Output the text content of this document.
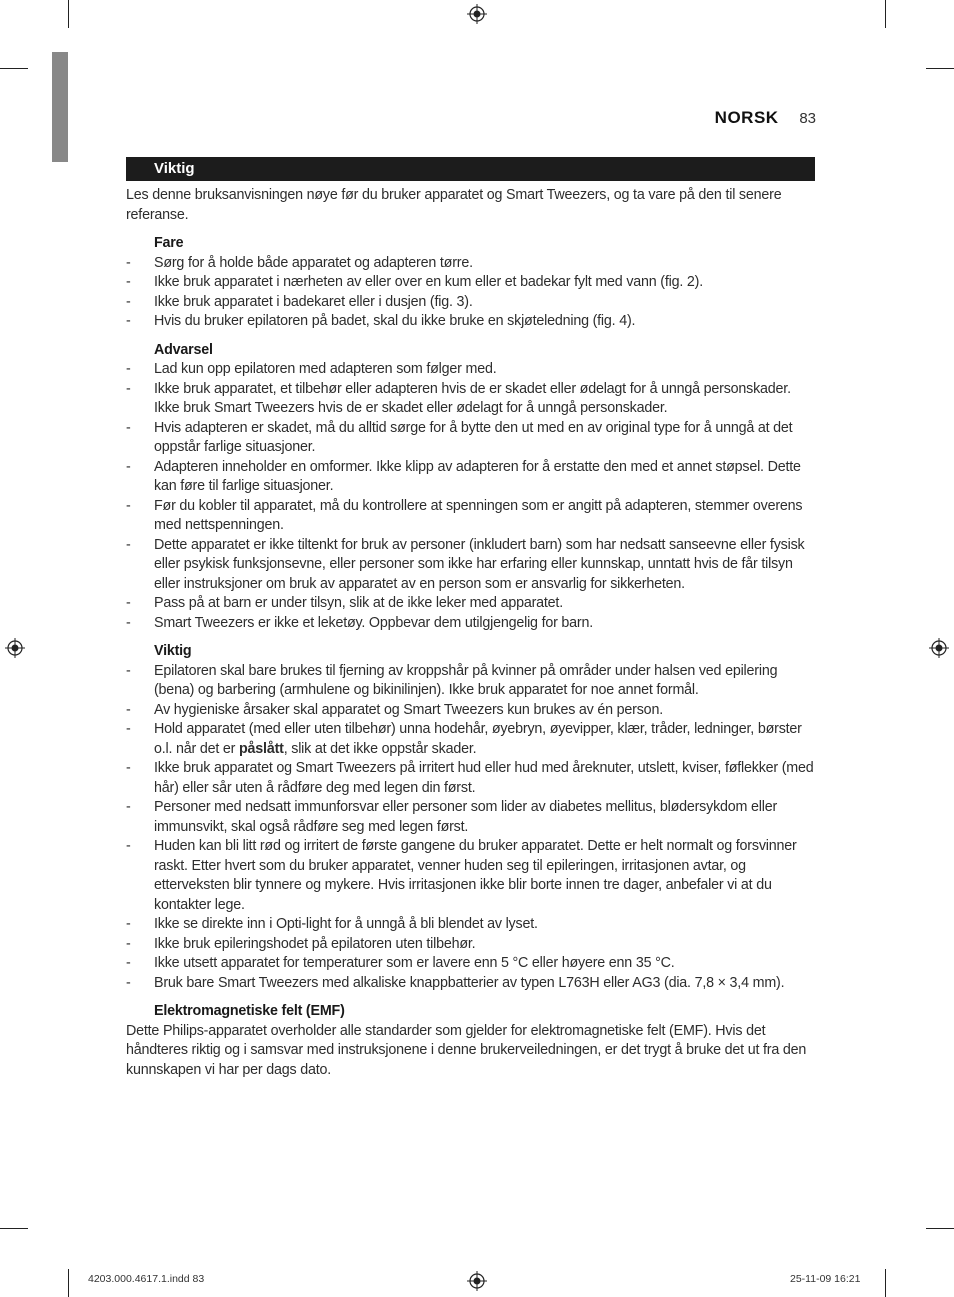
NORSK 83
Viktig

Les denne bruksanvisningen nøye før du bruker apparatet og Smart Tweezers, og ta vare på den til senere referanse.

Fare

- Sørg for å holde både apparatet og adapteren tørre.
- Ikke bruk apparatet i nærheten av eller over en kum eller et badekar fylt med vann (fig. 2).
- Ikke bruk apparatet i badekaret eller i dusjen (fig. 3).
- Hvis du bruker epilatoren på badet, skal du ikke bruke en skjøteledning (fig. 4).

Advarsel

- Lad kun opp epilatoren med adapteren som følger med.
- Ikke bruk apparatet, et tilbehør eller adapteren hvis de er skadet eller ødelagt for å unngå personskader. Ikke bruk Smart Tweezers hvis de er skadet eller ødelagt for å unngå personskader.
- Hvis adapteren er skadet, må du alltid sørge for å bytte den ut med en av original type for å unngå at det oppstår farlige situasjoner.
- Adapteren inneholder en omformer. Ikke klipp av adapteren for å erstatte den med et annet støpsel. Dette kan føre til farlige situasjoner.
- Før du kobler til apparatet, må du kontrollere at spenningen som er angitt på adapteren, stemmer overens med nettspenningen.
- Dette apparatet er ikke tiltenkt for bruk av personer (inkludert barn) som har nedsatt sanseevne eller fysisk eller psykisk funksjonsevne, eller personer som ikke har erfaring eller kunnskap, unntatt hvis de får tilsyn eller instruksjoner om bruk av apparatet av en person som er ansvarlig for sikkerheten.
- Pass på at barn er under tilsyn, slik at de ikke leker med apparatet.
- Smart Tweezers er ikke et leketøy. Oppbevar dem utilgjengelig for barn.

Viktig

- Epilatoren skal bare brukes til fjerning av kroppshår på kvinner på områder under halsen ved epilering (bena) og barbering (armhulene og bikinilinjen). Ikke bruk apparatet for noe annet formål.
- Av hygieniske årsaker skal apparatet og Smart Tweezers kun brukes av én person.
- Hold apparatet (med eller uten tilbehør) unna hodehår, øyebryn, øyevipper, klær, tråder, ledninger, børster o.l. når det er påslått, slik at det ikke oppstår skader.
- Ikke bruk apparatet og Smart Tweezers på irritert hud eller hud med åreknuter, utslett, kviser, føflekker (med hår) eller sår uten å rådføre deg med legen din først.
- Personer med nedsatt immunforsvar eller personer som lider av diabetes mellitus, blødersykdom eller immunsvikt, skal også rådføre seg med legen først.
- Huden kan bli litt rød og irritert de første gangene du bruker apparatet. Dette er helt normalt og forsvinner raskt. Etter hvert som du bruker apparatet, venner huden seg til epileringen, irritasjonen avtar, og etterveksten blir tynnere og mykere. Hvis irritasjonen ikke blir borte innen tre dager, anbefaler vi at du kontakter lege.
- Ikke se direkte inn i Opti-light for å unngå å bli blendet av lyset.
- Ikke bruk epileringshodet på epilatoren uten tilbehør.
- Ikke utsett apparatet for temperaturer som er lavere enn 5 °C eller høyere enn 35 °C.
- Bruk bare Smart Tweezers med alkaliske knappbatterier av typen L763H eller AG3 (dia. 7,8 × 3,4 mm).

Elektromagnetiske felt (EMF)

Dette Philips-apparatet overholder alle standarder som gjelder for elektromagnetiske felt (EMF). Hvis det håndteres riktig og i samsvar med instruksjonene i denne brukerveiledningen, er det trygt å bruke det ut fra den kunnskapen vi har per dags dato.

4203.000.4617.1.indd 83	25-11-09 16:21
